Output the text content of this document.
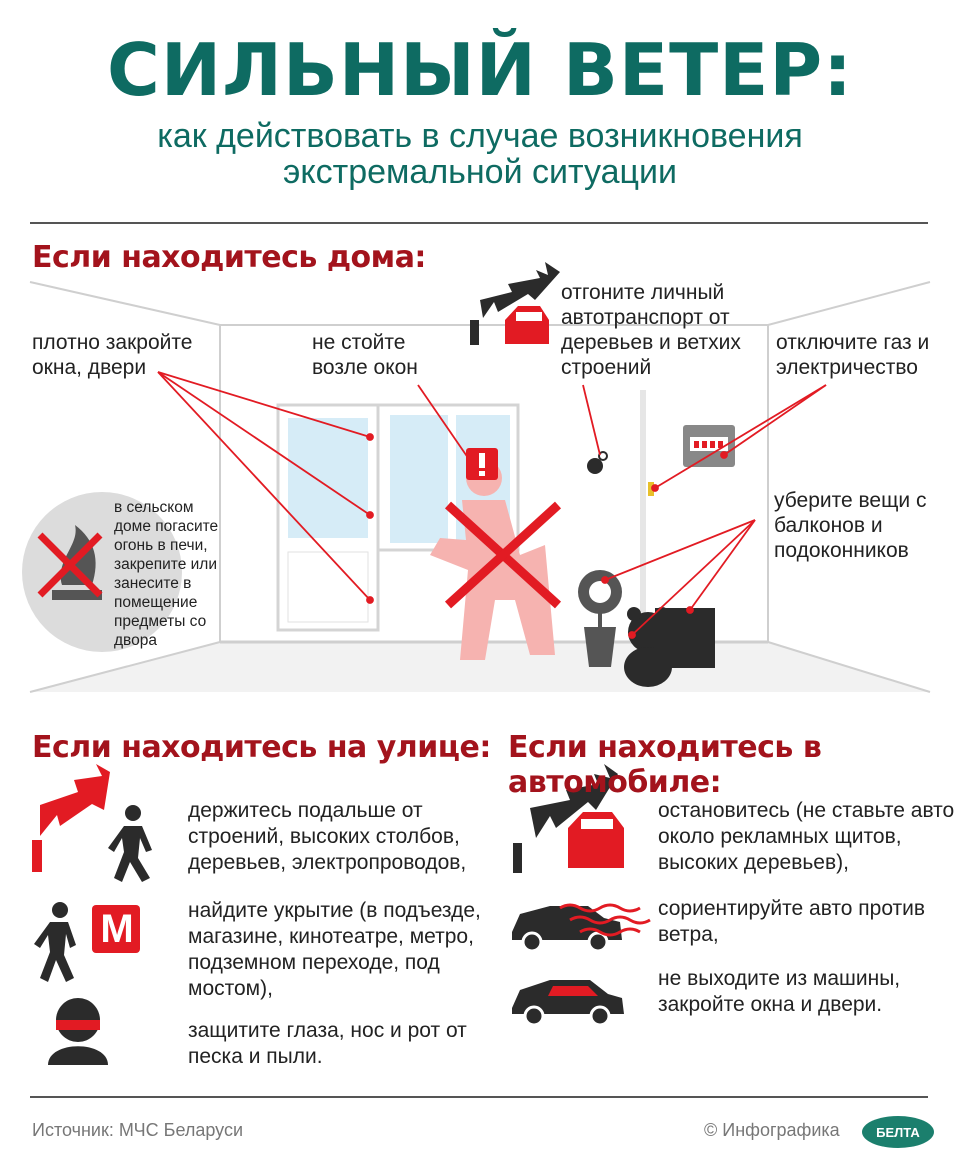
СИЛЬНЫЙ ВЕТЕР:
как действовать в случае возникновения
экстремальной ситуации
М
Если находитесь дома:
плотно закройте
окна, двери
не стойте
возле окон
отгоните личный
автотранспорт от
деревьев и ветхих
строений
отключите газ и
электричество
уберите вещи с
балконов и
подоконников
в сельском
доме погасите
огонь в печи,
закрепите или
занесите в
помещение
предметы со
двора
Если находитесь на улице:
держитесь подальше от
строений, высоких столбов,
деревьев, электропроводов,
найдите укрытие (в подъезде,
магазине, кинотеатре, метро,
подземном переходе, под
мостом),
защитите глаза, нос и рот от
песка и пыли.
Если находитесь в автомобиле:
остановитесь (не ставьте авто
около рекламных щитов,
высоких деревьев),
сориентируйте авто против
ветра,
не выходите из машины,
закройте окна и двери.
Источник: МЧС Беларуси	© Инфографика	БЕЛТА
